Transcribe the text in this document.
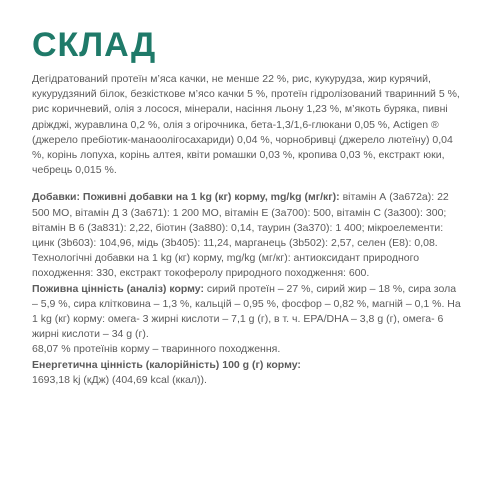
СКЛАД

Дегідратований протеїн м’яса качки, не менше 22 %, рис, кукурудза, жир курячий, кукурудзяний білок, безкісткове м’ясо качки 5 %, протеїн гідролізований тваринний 5 %, рис коричневий, олія з лосося, мінерали, насіння льону 1,23 %, м’якоть буряка, пивні дріжджі, журавлина 0,2 %, олія з огірочника, бета-1,3/1,6-глюкани 0,05 %, Actigen ® (джерело пребіотик-манаоолігосахариди) 0,04 %, чорнобривці (джерело лютеїну) 0,04 %, корінь лопуха, корінь алтея, квіти ромашки 0,03 %, кропива 0,03 %, екстракт юки, чебрець 0,015 %.

Добавки: Поживні добавки на 1 kg (кг) корму, mg/kg (мг/кг): вітамін А (3а672а): 22 500 МО, вітамін Д 3 (3а671): 1 200 МО, вітамін Е (3а700): 500, вітамін С (3а300): 300; вітамін В 6 (3а831): 2,22, біотин (3а880): 0,14, таурин (3а370): 1 400; мікроелементи: цинк (3b603): 104,96, мідь (3b405): 11,24, марганець (3b502): 2,57, селен (E8): 0,08. Технологічні добавки на 1 kg (кг) корму, mg/kg (мг/кг): антиоксидант природного походження: 330, екстракт токоферолу природного походження: 600.

Поживна цінність (аналіз) корму: сирий протеїн – 27 %, сирий жир – 18 %, сира зола – 5,9 %, сира клітковина – 1,3 %, кальцій – 0,95 %, фосфор – 0,82 %, магній – 0,1 %. На 1 kg (кг) корму: омега- 3 жирні кислоти – 7,1 g (г), в т. ч. ЕРА/DHA – 3,8 g (г), омега- 6 жирні кислоти – 34 g (г).

68,07 % протеїнів корму – тваринного походження.

Енергетична цінність (калорійність) 100 g (г) корму:

1693,18 kj (кДж) (404,69 kcal (ккал)).
